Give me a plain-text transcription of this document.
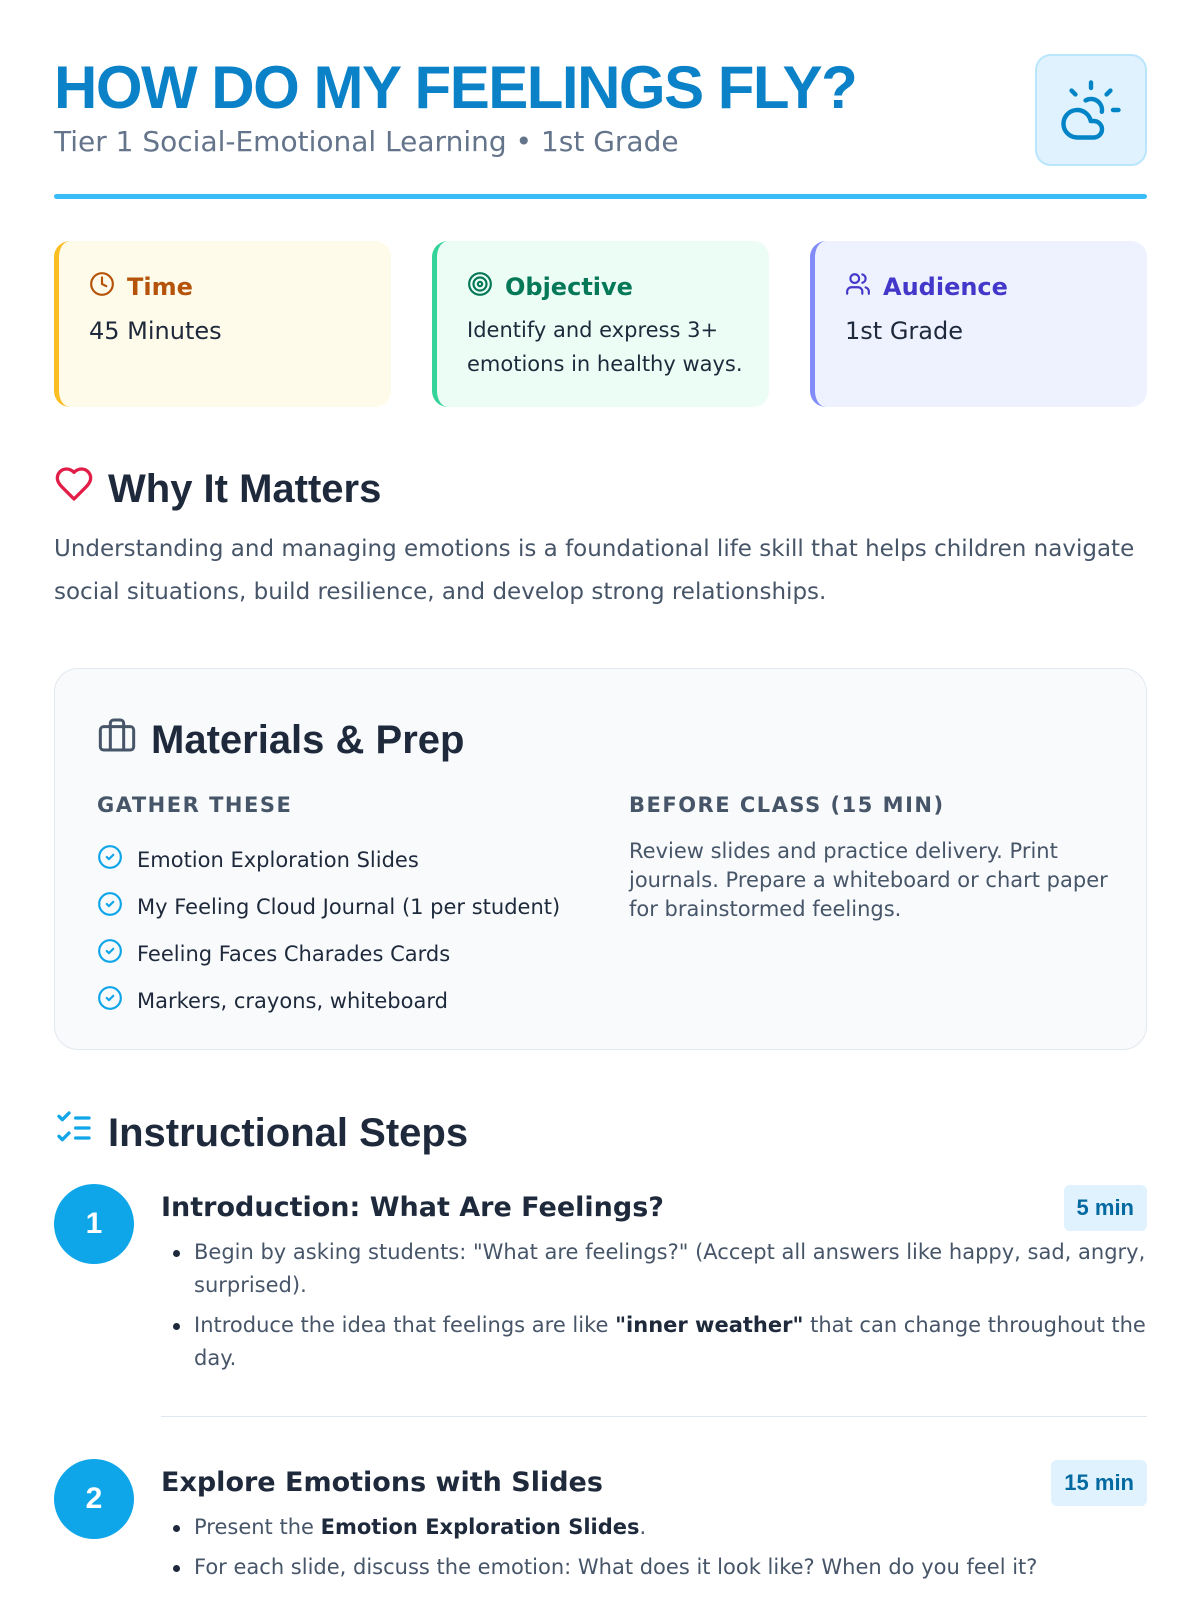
HOW DO MY FEELINGS FLY?
Tier 1 Social-Emotional Learning • 1st Grade
Time
45 Minutes
Objective
Identify and express 3+ emotions in healthy ways.
Audience
1st Grade
Why It Matters

Understanding and managing emotions is a foundational life skill that helps children navigate social situations, build resilience, and develop strong relationships.

Materials & Prep
GATHER THESE
Emotion Exploration Slides
My Feeling Cloud Journal (1 per student)
Feeling Faces Charades Cards
Markers, crayons, whiteboard
BEFORE CLASS (15 MIN)

Review slides and practice delivery. Print journals. Prepare a whiteboard or chart paper for brainstormed feelings.

Instructional Steps
1	Introduction: What Are Feelings?	5 min
Begin by asking students: "What are feelings?" (Accept all answers like happy, sad, angry, surprised).
Introduce the idea that feelings are like "inner weather" that can change throughout the day.
2	Explore Emotions with Slides	15 min
Present the Emotion Exploration Slides.
For each slide, discuss the emotion: What does it look like? When do you feel it?
